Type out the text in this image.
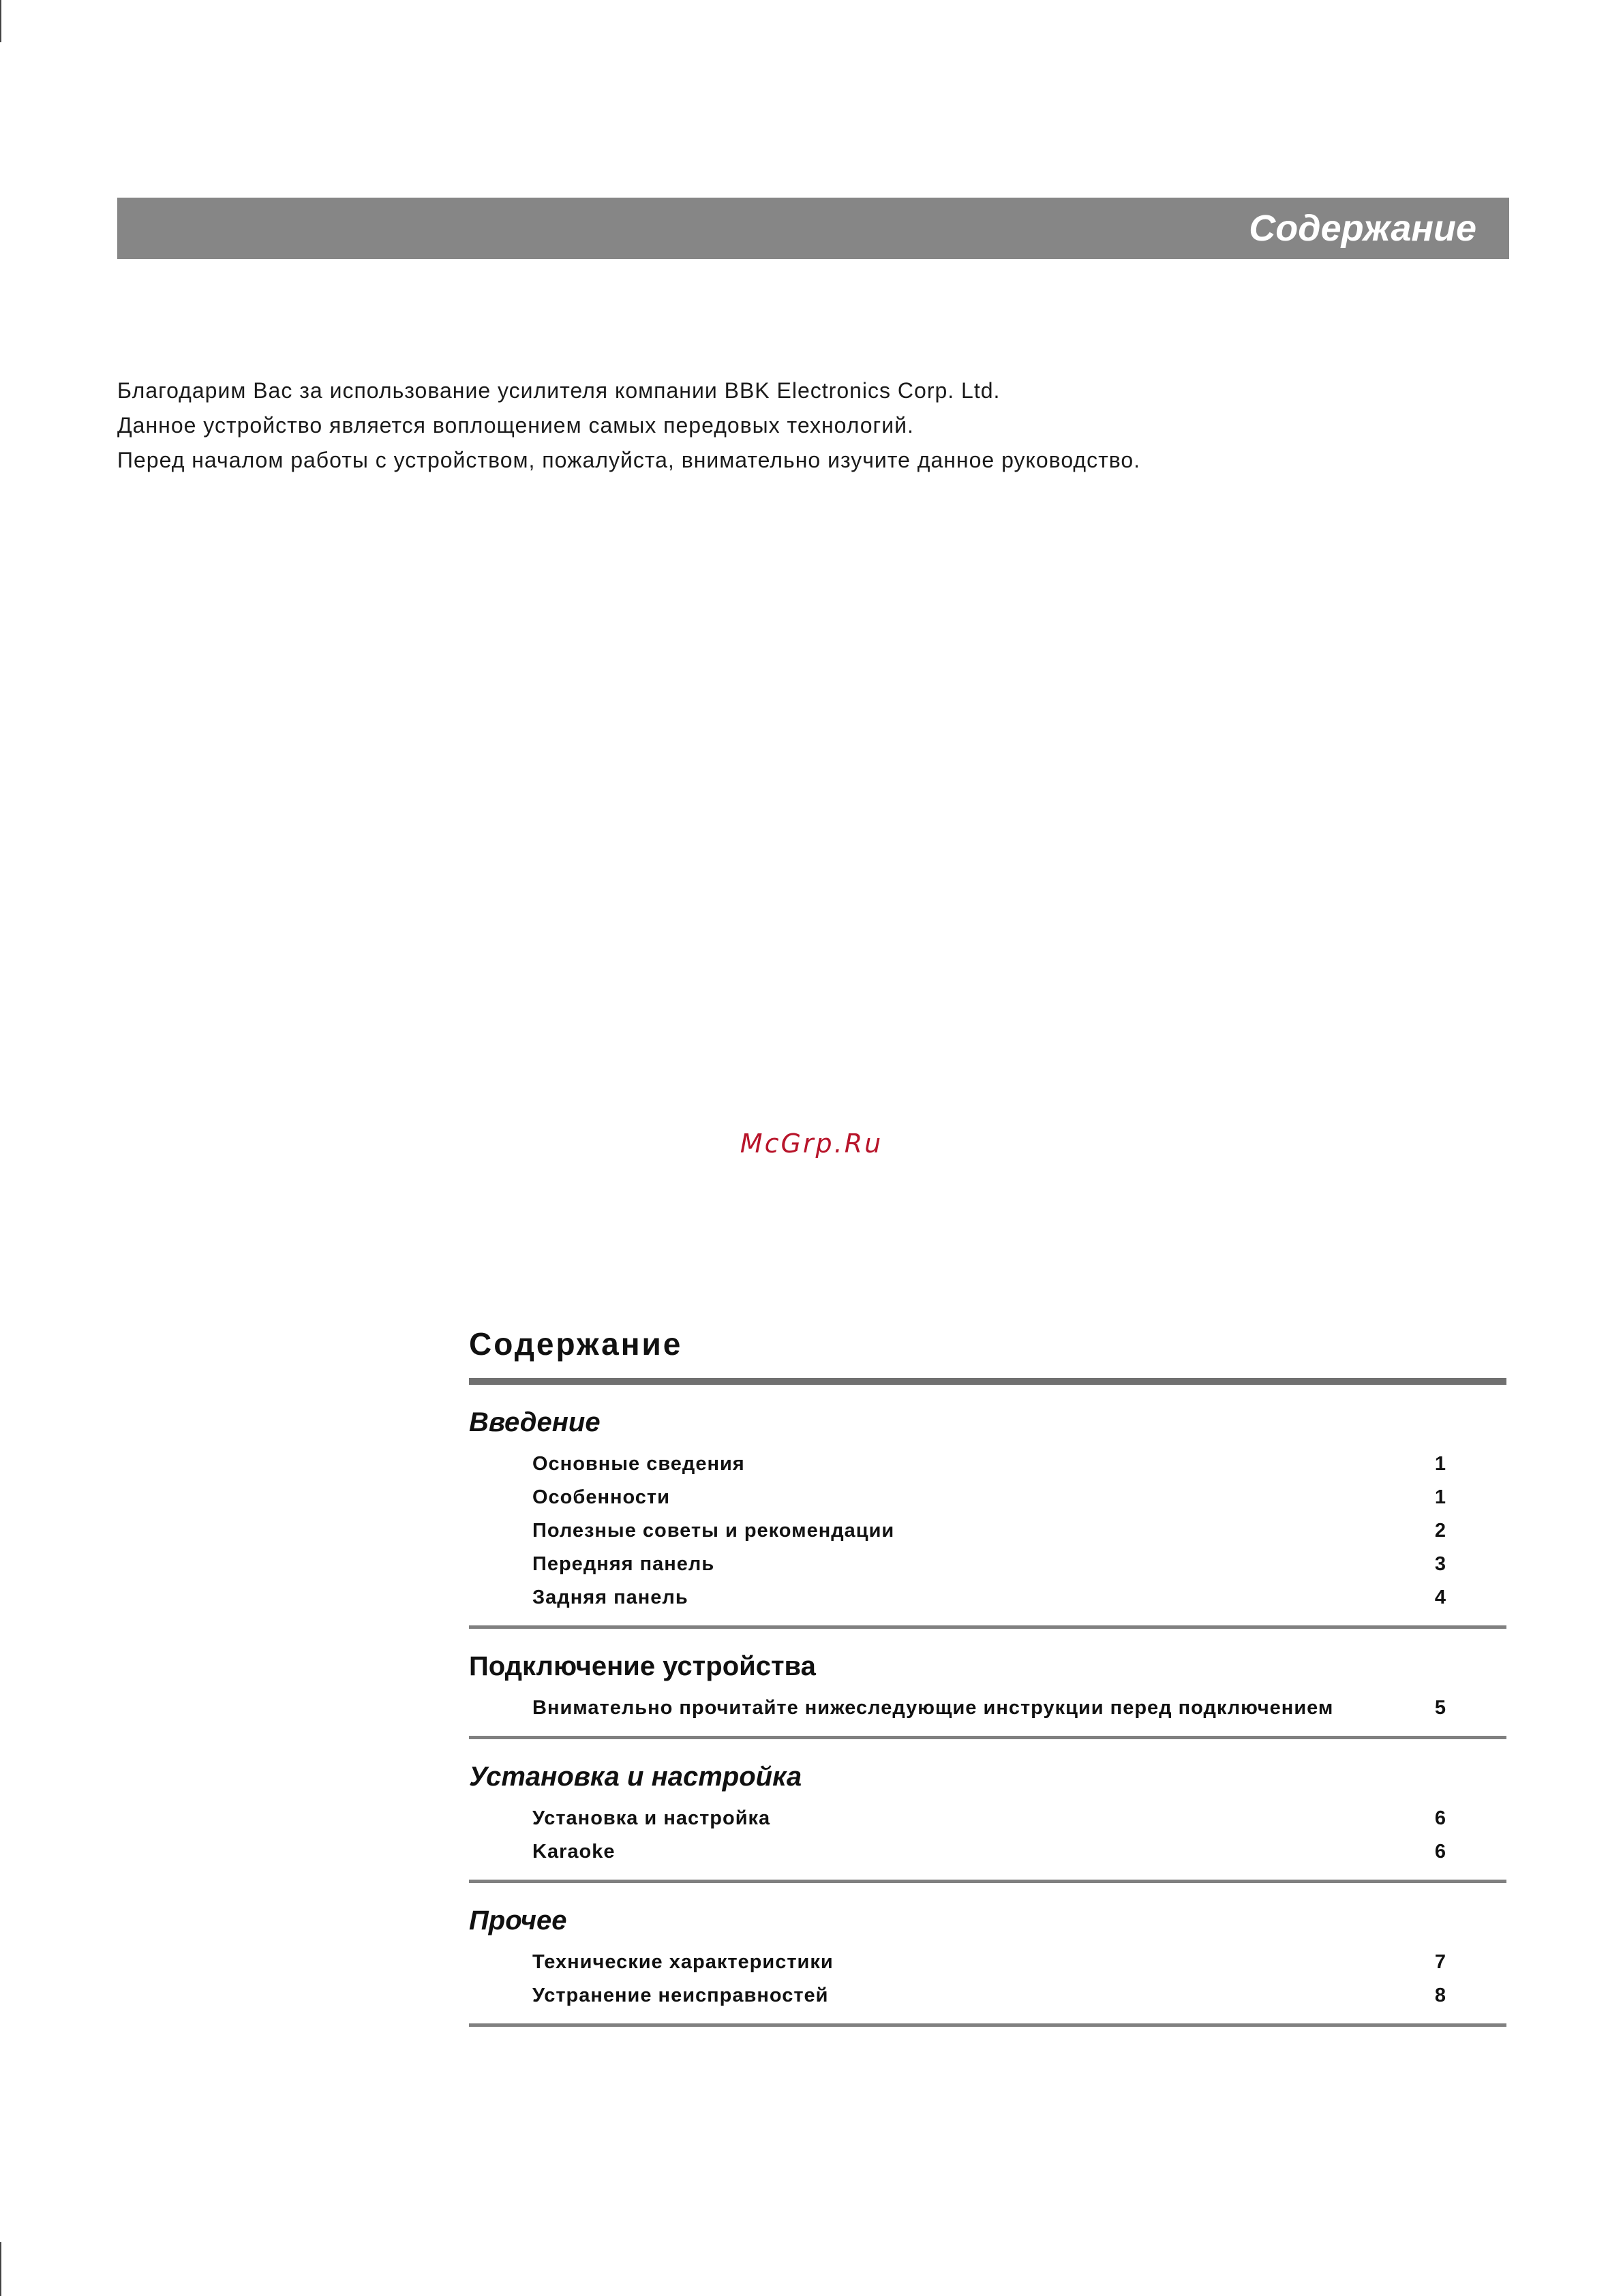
Содержание
Благодарим Вас за использование усилителя компании BBK Electronics Corp. Ltd.
Данное устройство является воплощением самых передовых технологий.
Перед началом работы с устройством, пожалуйста, внимательно изучите данное руководство.
McGrp.Ru
Содержание
Введение
Основные сведения	1
Особенности	1
Полезные советы и рекомендации	2
Передняя панель	3
Задняя панель	4
Подключение устройства
Внимательно прочитайте нижеследующие инструкции перед подключением	5
Установка и настройка
Установка и настройка	6
Karaoke	6
Прочее
Технические характеристики	7
Устранение неисправностей	8
